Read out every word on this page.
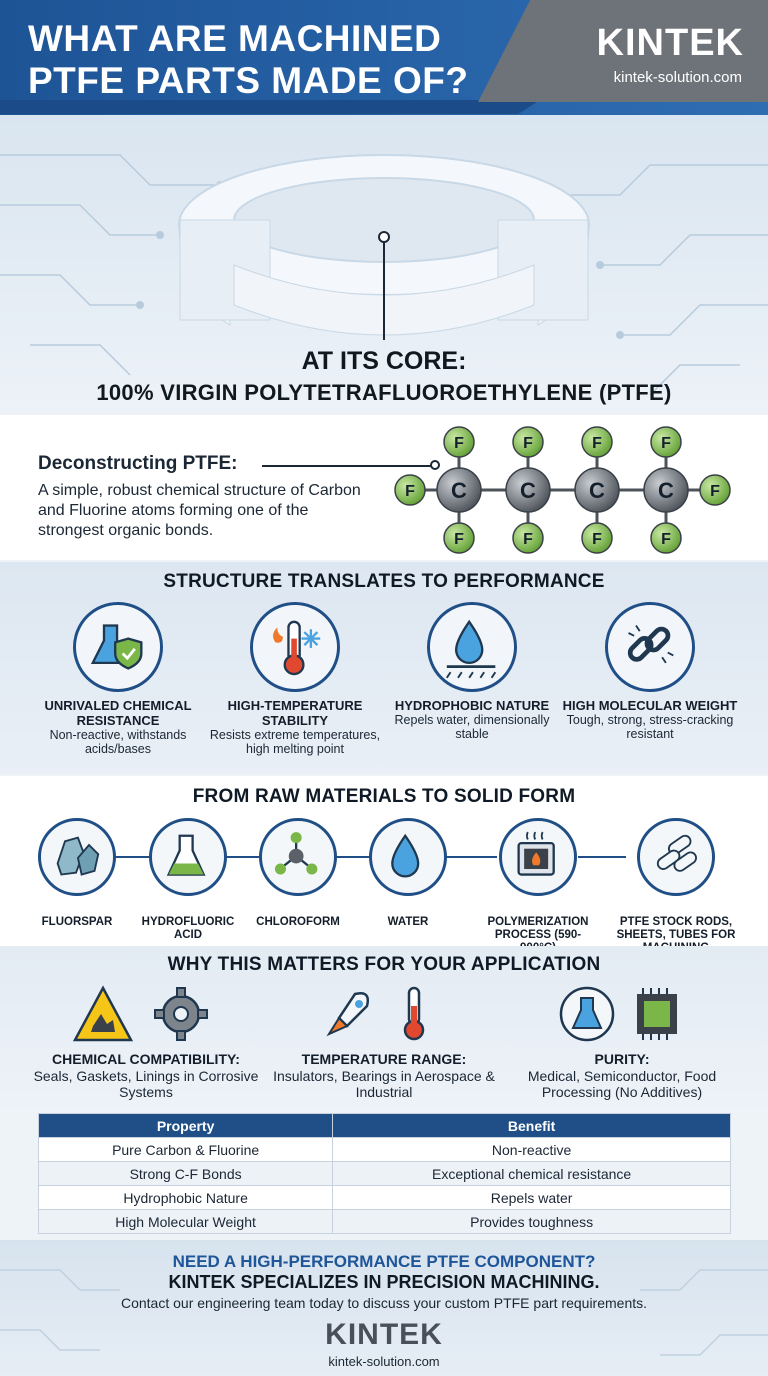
WHAT ARE MACHINED
PTFE PARTS MADE OF?
KINTEK
kintek-solution.com
AT ITS CORE:
100% VIRGIN POLYTETRAFLUOROETHYLENE (PTFE)
Deconstructing PTFE:
A simple, robust chemical structure of Carbon and Fluorine atoms forming one of the strongest organic bonds.
C C C C
F
F
F
F
F
F
F
F
F	F
STRUCTURE TRANSLATES TO PERFORMANCE
UNRIVALED CHEMICAL RESISTANCE
Non-reactive, withstands acids/bases
HIGH-TEMPERATURE STABILITY
Resists extreme temperatures, high melting point
HYDROPHOBIC NATURE
Repels water, dimensionally stable
HIGH MOLECULAR WEIGHT
Tough, strong, stress-cracking resistant
FROM RAW MATERIALS TO SOLID FORM
FLUORSPAR	HYDROFLUORIC ACID
CHLOROFORM	WATER	POLYMERIZATION PROCESS (590-
PTFE STOCK RODS, SHEETS, TUBES FOR
WHY THIS MATTERS FOR YOUR APPLICATION
CHEMICAL COMPATIBILITY:
Seals, Gaskets, Linings in Corrosive Systems
TEMPERATURE RANGE:
Insulators, Bearings in Aerospace & Industrial
PURITY:
Medical, Semiconductor, Food Processing (No Additives)
Property	Benefit
Pure Carbon & Fluorine	Non-reactive
Strong C-F Bonds	Exceptional chemical resistance
Hydrophobic Nature	Repels water
High Molecular Weight	Provides toughness
NEED A HIGH-PERFORMANCE PTFE COMPONENT?
KINTEK SPECIALIZES IN PRECISION MACHINING.
Contact our engineering team today to discuss your custom PTFE part requirements.
KINTEK
kintek-solution.com
